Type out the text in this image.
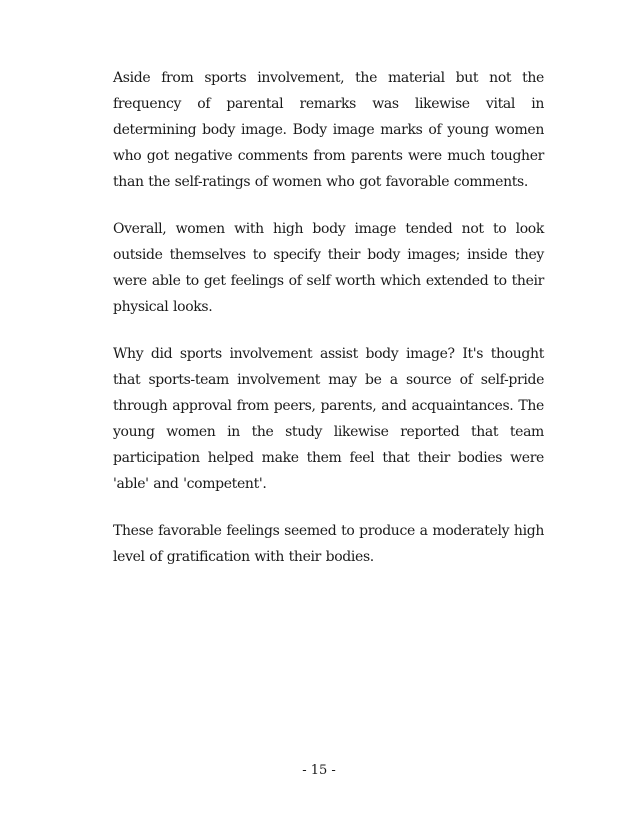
Aside from sports involvement, the material but not the frequency of parental remarks was likewise vital in determining body image. Body image marks of young women who got negative comments from parents were much tougher than the self-ratings of women who got favorable comments.

Overall, women with high body image tended not to look outside themselves to specify their body images; inside they were able to get feelings of self worth which extended to their physical looks.

Why did sports involvement assist body image? It's thought that sports-team involvement may be a source of self-pride through approval from peers, parents, and acquaintances. The young women in the study likewise reported that team participation helped make them feel that their bodies were 'able' and 'competent'.

These favorable feelings seemed to produce a moderately high level of gratification with their bodies.

- 15 -
